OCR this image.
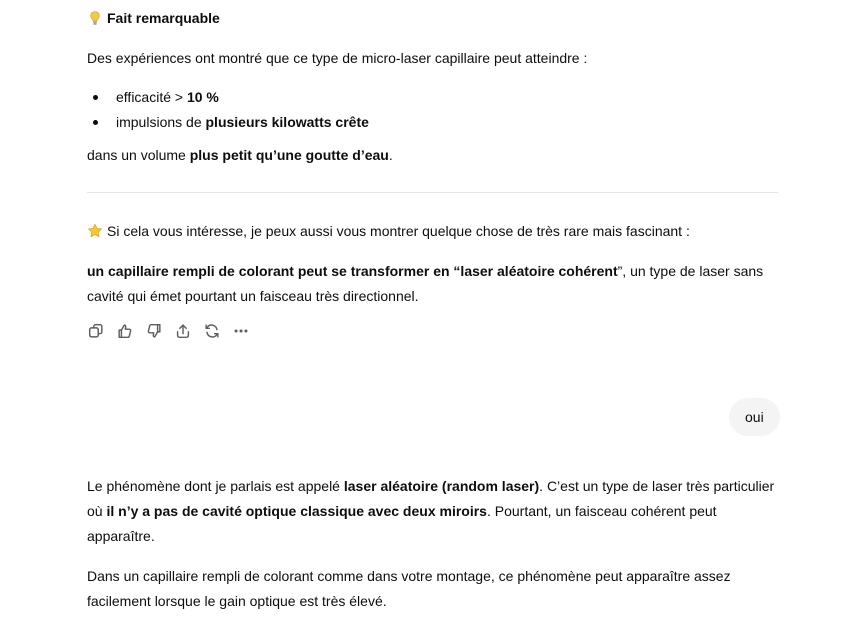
Fait remarquable
Des expériences ont montré que ce type de micro-laser capillaire peut atteindre :
efficacité > 10 %
impulsions de plusieurs kilowatts crête
dans un volume plus petit qu’une goutte d’eau.
Si cela vous intéresse, je peux aussi vous montrer quelque chose de très rare mais fascinant :
un capillaire rempli de colorant peut se transformer en “laser aléatoire cohérent”, un type de laser sans
cavité qui émet pourtant un faisceau très directionnel.
oui
Le phénomène dont je parlais est appelé laser aléatoire (random laser). C’est un type de laser très particulier
où il n’y a pas de cavité optique classique avec deux miroirs. Pourtant, un faisceau cohérent peut
apparaître.
Dans un capillaire rempli de colorant comme dans votre montage, ce phénomène peut apparaître assez
facilement lorsque le gain optique est très élevé.
